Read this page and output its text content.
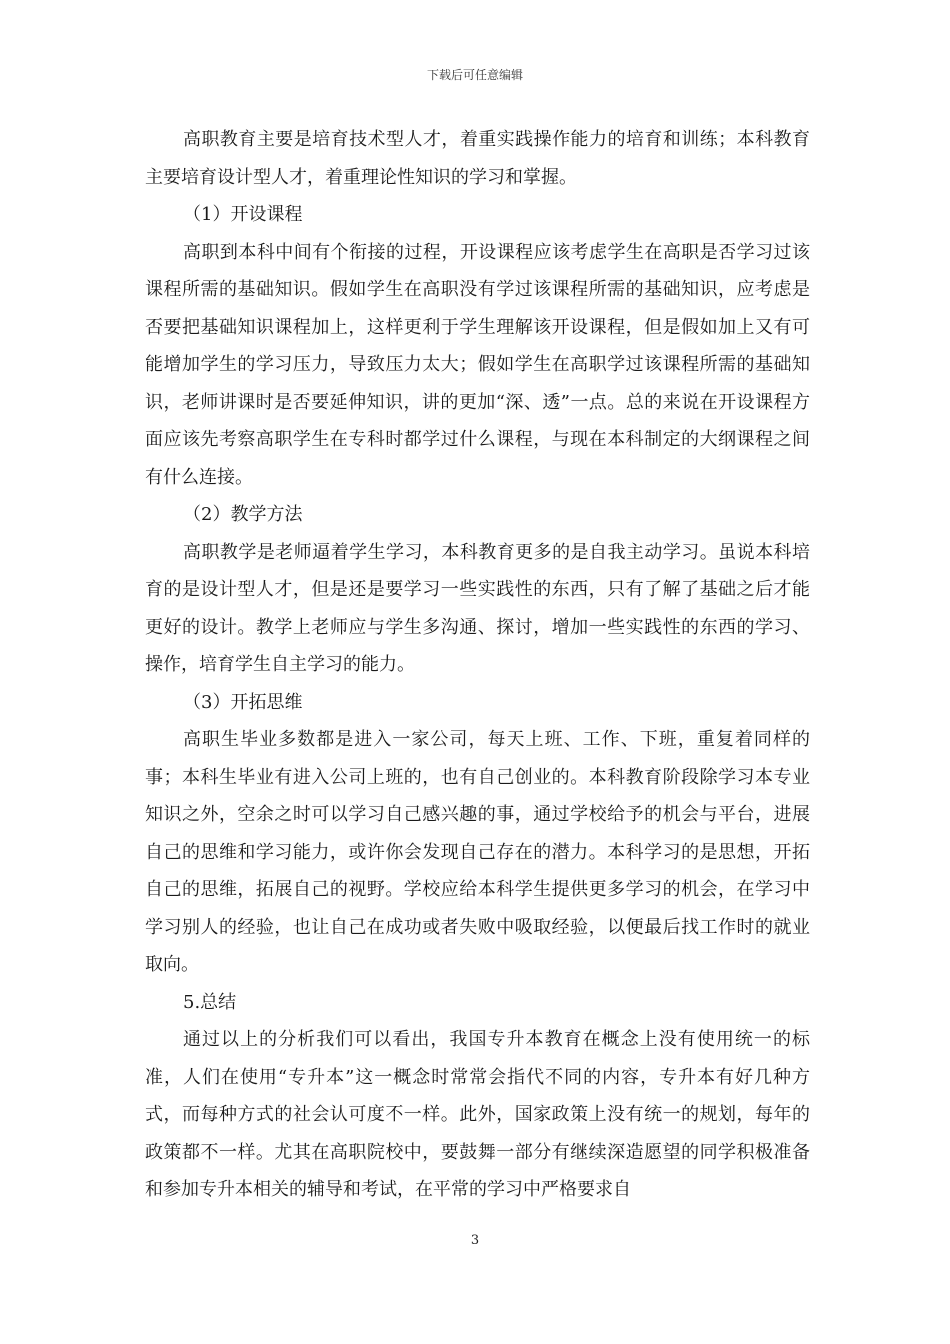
下载后可任意编辑

高职教育主要是培育技术型人才，着重实践操作能力的培育和训练；本科教育主要培育设计型人才，着重理论性知识的学习和掌握。

（1）开设课程

高职到本科中间有个衔接的过程，开设课程应该考虑学生在高职是否学习过该课程所需的基础知识。假如学生在高职没有学过该课程所需的基础知识，应考虑是否要把基础知识课程加上，这样更利于学生理解该开设课程，但是假如加上又有可能增加学生的学习压力，导致压力太大；假如学生在高职学过该课程所需的基础知识，老师讲课时是否要延伸知识，讲的更加“深、透”一点。总的来说在开设课程方面应该先考察高职学生在专科时都学过什么课程，与现在本科制定的大纲课程之间有什么连接。

（2）教学方法

高职教学是老师逼着学生学习，本科教育更多的是自我主动学习。虽说本科培育的是设计型人才，但是还是要学习一些实践性的东西，只有了解了基础之后才能更好的设计。教学上老师应与学生多沟通、探讨，增加一些实践性的东西的学习、操作，培育学生自主学习的能力。

（3）开拓思维

高职生毕业多数都是进入一家公司，每天上班、工作、下班，重复着同样的事；本科生毕业有进入公司上班的，也有自己创业的。本科教育阶段除学习本专业知识之外，空余之时可以学习自己感兴趣的事，通过学校给予的机会与平台，进展自己的思维和学习能力，或许你会发现自己存在的潜力。本科学习的是思想，开拓自己的思维，拓展自己的视野。学校应给本科学生提供更多学习的机会，在学习中学习别人的经验，也让自己在成功或者失败中吸取经验，以便最后找工作时的就业取向。

5.总结

通过以上的分析我们可以看出，我国专升本教育在概念上没有使用统一的标准，人们在使用“专升本”这一概念时常常会指代不同的内容，专升本有好几种方式，而每种方式的社会认可度不一样。此外，国家政策上没有统一的规划，每年的政策都不一样。尤其在高职院校中，要鼓舞一部分有继续深造愿望的同学积极准备和参加专升本相关的辅导和考试，在平常的学习中严格要求自

3
